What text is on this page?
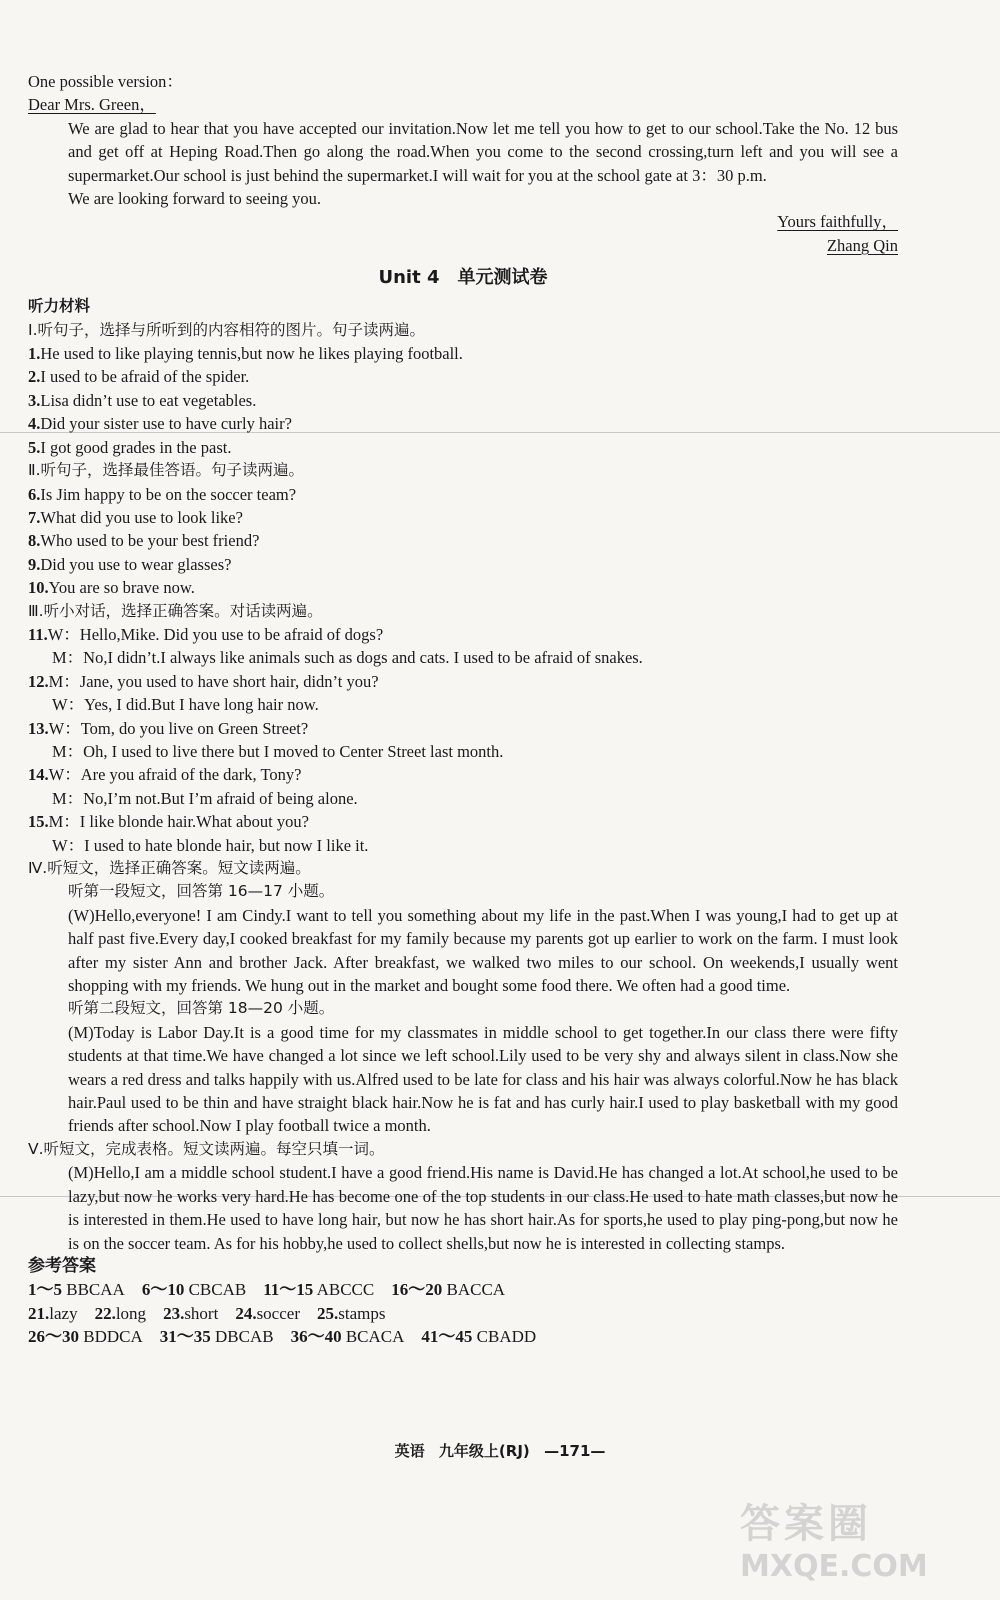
One possible version：
Dear Mrs. Green，
We are glad to hear that you have accepted our invitation.Now let me tell you how to get to our school.Take the No. 12 bus and get off at Heping Road.Then go along the road.When you come to the second crossing,turn left and you will see a supermarket.Our school is just behind the supermarket.I will wait for you at the school gate at 3：30 p.m.
We are looking forward to seeing you.
Yours faithfully，
Zhang Qin
Unit 4　单元测试卷
听力材料
Ⅰ.听句子，选择与所听到的内容相符的图片。句子读两遍。
1.He used to like playing tennis,but now he likes playing football.
2.I used to be afraid of the spider.
3.Lisa didn’t use to eat vegetables.
4.Did your sister use to have curly hair?
5.I got good grades in the past.
Ⅱ.听句子，选择最佳答语。句子读两遍。
6.Is Jim happy to be on the soccer team?
7.What did you use to look like?
8.Who used to be your best friend?
9.Did you use to wear glasses?
10.You are so brave now.
Ⅲ.听小对话，选择正确答案。对话读两遍。
11.W：Hello,Mike. Did you use to be afraid of dogs?
M：No,I didn’t.I always like animals such as dogs and cats. I used to be afraid of snakes.
12.M：Jane, you used to have short hair, didn’t you?
W：Yes, I did.But I have long hair now.
13.W：Tom, do you live on Green Street?
M：Oh, I used to live there but I moved to Center Street last month.
14.W：Are you afraid of the dark, Tony?
M：No,I’m not.But I’m afraid of being alone.
15.M：I like blonde hair.What about you?
W：I used to hate blonde hair, but now I like it.
Ⅳ.听短文，选择正确答案。短文读两遍。
听第一段短文，回答第 16—17 小题。
(W)Hello,everyone! I am Cindy.I want to tell you something about my life in the past.When I was young,I had to get up at half past five.Every day,I cooked breakfast for my family because my parents got up earlier to work on the farm. I must look after my sister Ann and brother Jack. After breakfast, we walked two miles to our school. On weekends,I usually went shopping with my friends. We hung out in the market and bought some food there. We often had a good time.
听第二段短文，回答第 18—20 小题。
(M)Today is Labor Day.It is a good time for my classmates in middle school to get together.In our class there were fifty students at that time.We have changed a lot since we left school.Lily used to be very shy and always silent in class.Now she wears a red dress and talks happily with us.Alfred used to be late for class and his hair was always colorful.Now he has black hair.Paul used to be thin and have straight black hair.Now he is fat and has curly hair.I used to play basketball with my good friends after school.Now I play football twice a month.
Ⅴ.听短文，完成表格。短文读两遍。每空只填一词。
(M)Hello,I am a middle school student.I have a good friend.His name is David.He has changed a lot.At school,he used to be lazy,but now he works very hard.He has become one of the top students in our class.He used to hate math classes,but now he is interested in them.He used to have long hair, but now he has short hair.As for sports,he used to play ping-pong,but now he is on the soccer team. As for his hobby,he used to collect shells,but now he is interested in collecting stamps.
参考答案
1～5 BBCAA 6～10 CBCAB 11～15 ABCCC 16～20 BACCA
21.lazy 22.long 23.short 24.soccer 25.stamps
26～30 BDDCA 31～35 DBCAB 36～40 BCACA 41～45 CBADD
英语 九年级上(RJ) —171—
答案圈
MXQE.COM
